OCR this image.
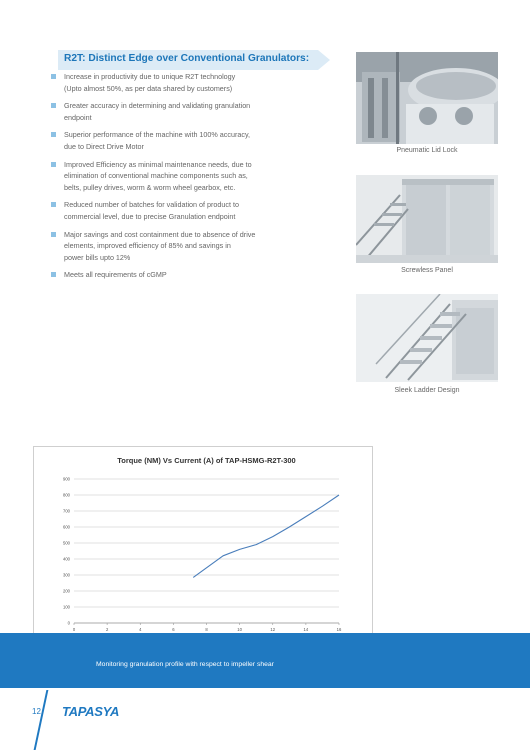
R2T: Distinct Edge over Conventional Granulators:
Increase in productivity due to unique R2T technology
(Upto almost 50%, as per data shared by customers)
Greater accuracy in determining and validating granulation
endpoint
Superior performance of the machine with 100% accuracy,
due to Direct Drive Motor
Improved Efficiency as minimal maintenance needs, due to
elimination of conventional machine components such as,
belts, pulley drives, worm & worm wheel gearbox, etc.
Reduced number of batches for validation of product to
commercial level, due to precise Granulation endpoint
Major savings and cost containment due to absence of drive
elements, improved efficiency of 85% and savings in
power bills upto 12%
Meets all requirements of cGMP
Pneumatic Lid Lock
Screwless Panel
Sleek Ladder Design
Torque (NM) Vs Current (A) of TAP-HSMG-R2T-300
0
100
200
300
400
500
600
700
800
900
0	2	4	6	8	10	12	14	16
Monitoring granulation profile with respect to impeller shear
12 TAPASYA
